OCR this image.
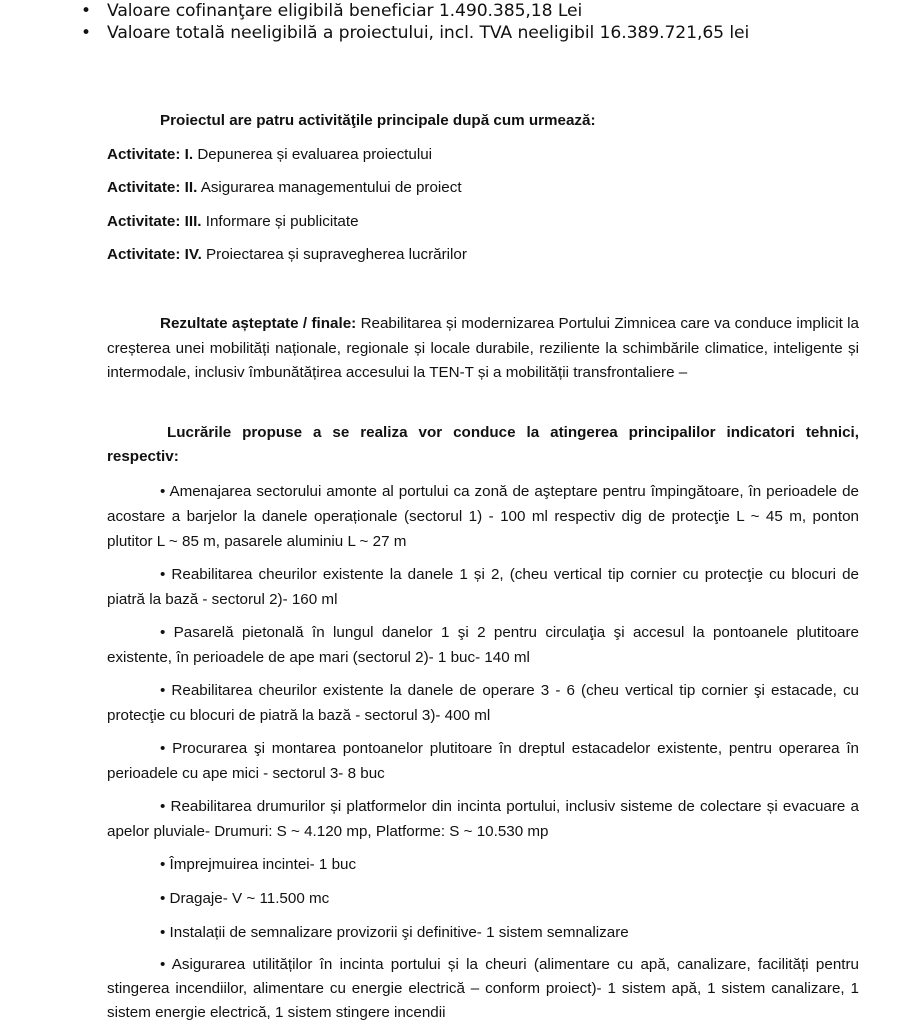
• Valoare cofinanţare eligibilă beneficiar 1.490.385,18 Lei
• Valoare totală neeligibilă a proiectului, incl. TVA neeligibil 16.389.721,65 lei
Proiectul are patru activităţile principale după cum urmează:
Activitate: I. Depunerea și evaluarea proiectului
Activitate: II. Asigurarea managementului de proiect
Activitate: III. Informare și publicitate
Activitate: IV. Proiectarea și supravegherea lucrărilor
Rezultate așteptate / finale: Reabilitarea și modernizarea Portului Zimnicea care va conduce implicit la creșterea unei mobilități naționale, regionale și locale durabile, reziliente la schimbările climatice, inteligente și intermodale, inclusiv îmbunătățirea accesului la TEN-T și a mobilității transfrontaliere –
Lucrările propuse a se realiza vor conduce la atingerea principalilor indicatori tehnici, respectiv:
• Amenajarea sectorului amonte al portului ca zonă de aşteptare pentru împingătoare, în perioadele de acostare a barjelor la danele operaționale (sectorul 1) - 100 ml respectiv dig de protecţie L ~ 45 m, ponton plutitor L ~ 85 m, pasarele aluminiu L ~ 27 m
• Reabilitarea cheurilor existente la danele 1 și 2, (cheu vertical tip cornier cu protecţie cu blocuri de piatră la bază - sectorul 2)- 160 ml
• Pasarelă pietonală în lungul danelor 1 şi 2 pentru circulaţia şi accesul la pontoanele plutitoare existente, în perioadele de ape mari (sectorul 2)- 1 buc- 140 ml
• Reabilitarea cheurilor existente la danele de operare 3 - 6 (cheu vertical tip cornier şi estacade, cu protecţie cu blocuri de piatră la bază - sectorul 3)- 400 ml
• Procurarea şi montarea pontoanelor plutitoare în dreptul estacadelor existente, pentru operarea în perioadele cu ape mici - sectorul 3- 8 buc
• Reabilitarea drumurilor și platformelor din incinta portului, inclusiv sisteme de colectare și evacuare a apelor pluviale- Drumuri: S ~ 4.120 mp, Platforme: S ~ 10.530 mp
• Împrejmuirea incintei- 1 buc
• Dragaje- V ~ 11.500 mc
• Instalații de semnalizare provizorii şi definitive- 1 sistem semnalizare
• Asigurarea utilităților în incinta portului și la cheuri (alimentare cu apă, canalizare, facilități pentru stingerea incendiilor, alimentare cu energie electrică – conform proiect)- 1 sistem apă, 1 sistem canalizare, 1 sistem energie electrică, 1 sistem stingere incendii
